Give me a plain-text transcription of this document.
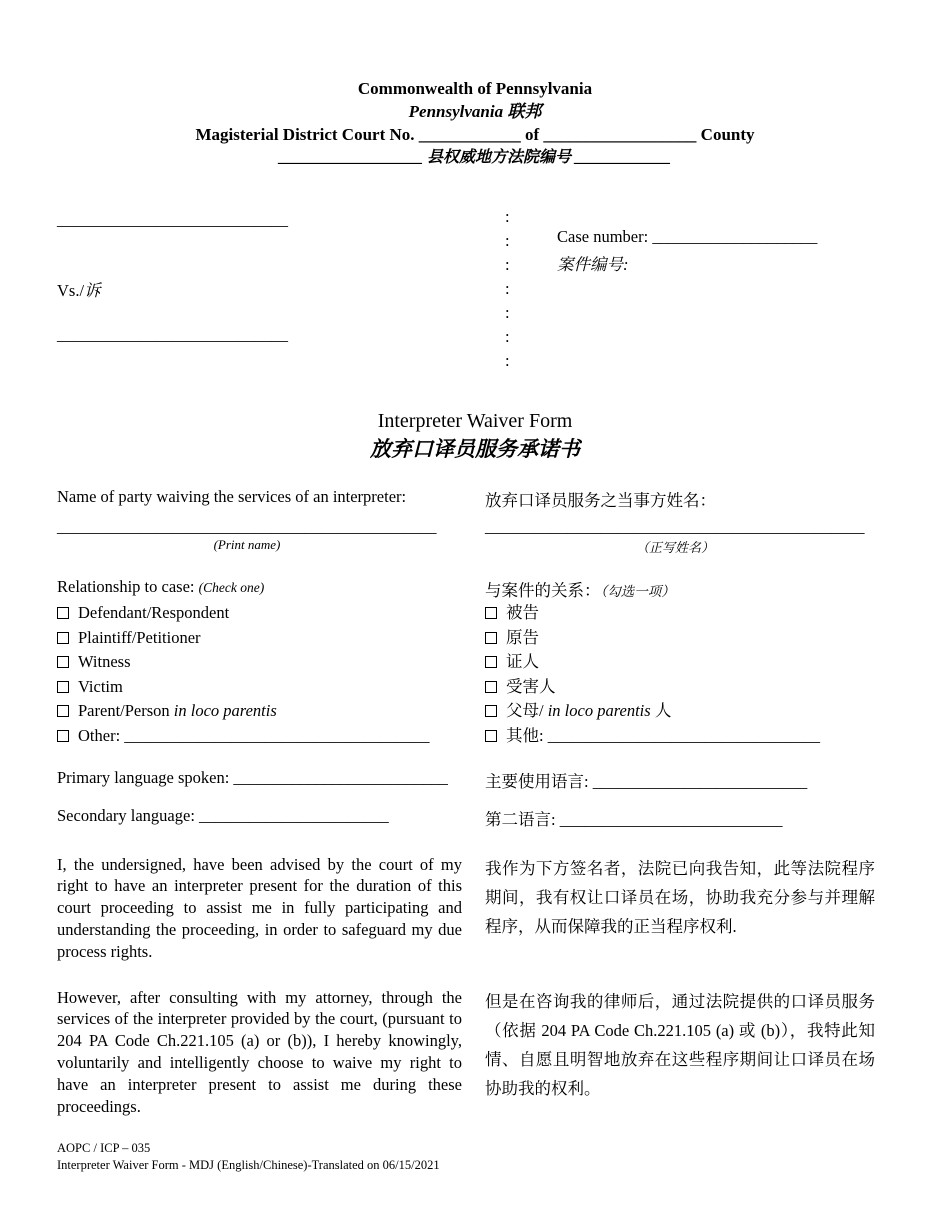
Commonwealth of Pennsylvania
Pennsylvania 联邦
Magisterial District Court No. ____________ of __________________ County
__________________ 县权威地方法院编号 ____________
____________________________
Vs./诉
____________________________
:
:
:
:
:
:
:
Case number: ____________________
案件编号:
Interpreter Waiver Form
放弃口译员服务承诺书
Name of party waiving the services of an interpreter:	放弃口译员服务之当事方姓名：
______________________________________________
(Print name)
______________________________________________
（正写姓名）
Relationship to case: (Check one)	与案件的关系：（勾选一项）
Defendant/Respondent	被告
Plaintiff/Petitioner	原告
Witness	证人
Victim	受害人
Parent/Person in loco parentis	父母/ in loco parentis 人
Other: _____________________________________	其他: _________________________________
Primary language spoken: __________________________	主要使用语言: __________________________
Secondary language: _______________________	第二语言: ___________________________
I, the undersigned, have been advised by the court of my right to have an interpreter present for the duration of this court proceeding to assist me in fully participating and understanding the proceeding, in order to safeguard my due process rights.
我作为下方签名者，法院已向我告知，此等法院程序期间，我有权让口译员在场，协助我充分参与并理解程序，从而保障我的正当程序权利.
However, after consulting with my attorney, through the services of the interpreter provided by the court, (pursuant to 204 PA Code Ch.221.105 (a) or (b)), I hereby knowingly, voluntarily and intelligently choose to waive my right to have an interpreter present to assist me during these proceedings.
但是在咨询我的律师后，通过法院提供的口译员服务（依据 204 PA Code Ch.221.105 (a) 或 (b)），我特此知情、自愿且明智地放弃在这些程序期间让口译员在场协助我的权利。
AOPC / ICP – 035
Interpreter Waiver Form - MDJ (English/Chinese)-Translated on 06/15/2021
